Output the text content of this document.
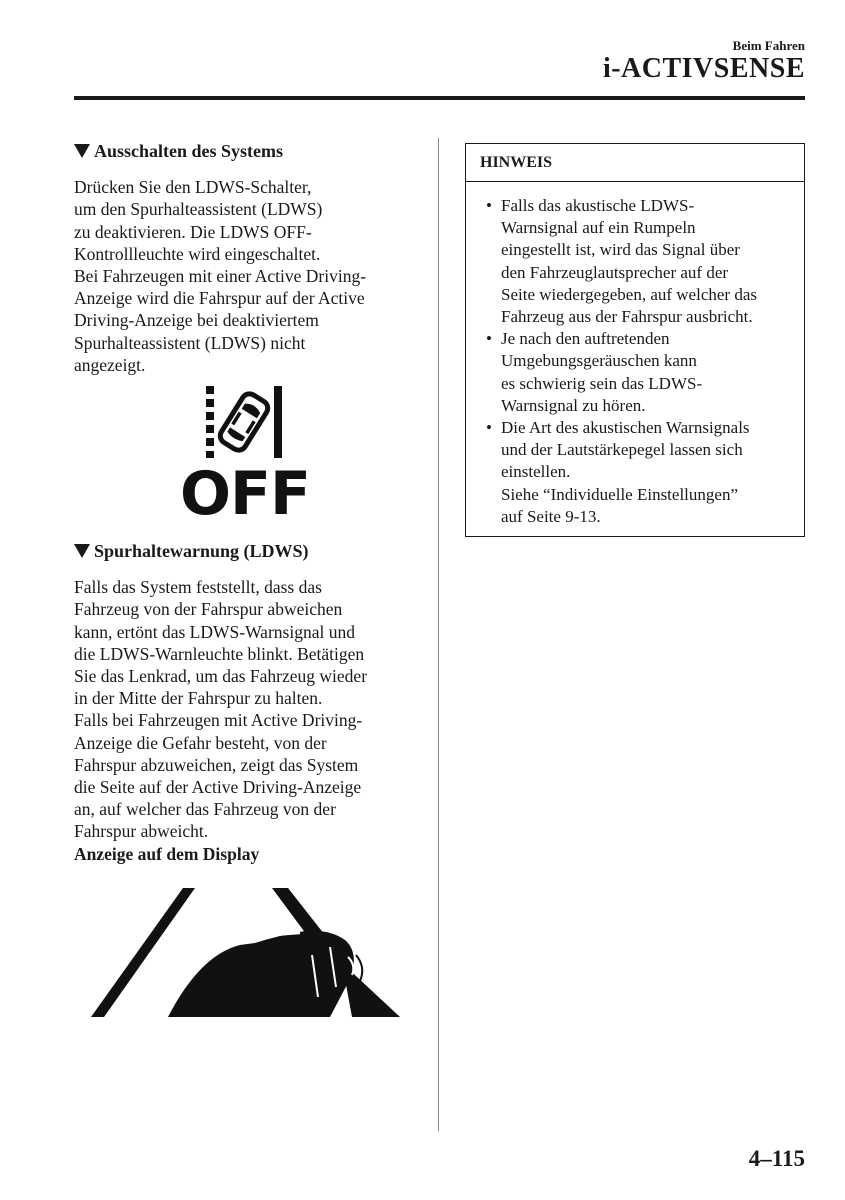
Beim Fahren
i-ACTIVSENSE
Ausschalten des Systems

Drücken Sie den LDWS-Schalter,

um den Spurhalteassistent (LDWS)

zu deaktivieren. Die LDWS OFF-

Kontrollleuchte wird eingeschaltet.

Bei Fahrzeugen mit einer Active Driving-

Anzeige wird die Fahrspur auf der Active

Driving-Anzeige bei deaktiviertem

Spurhalteassistent (LDWS) nicht

angezeigt.

Spurhaltewarnung (LDWS)

Falls das System feststellt, dass das

Fahrzeug von der Fahrspur abweichen

kann, ertönt das LDWS-Warnsignal und

die LDWS-Warnleuchte blinkt. Betätigen

Sie das Lenkrad, um das Fahrzeug wieder

in der Mitte der Fahrspur zu halten.

Falls bei Fahrzeugen mit Active Driving-

Anzeige die Gefahr besteht, von der

Fahrspur abzuweichen, zeigt das System

die Seite auf der Active Driving-Anzeige

an, auf welcher das Fahrzeug von der

Fahrspur abweicht.

Anzeige auf dem Display

OFF
HINWEIS
• Falls das akustische LDWS-
Warnsignal auf ein Rumpeln
eingestellt ist, wird das Signal über
den Fahrzeuglautsprecher auf der
Seite wiedergegeben, auf welcher das
Fahrzeug aus der Fahrspur ausbricht.
• Je nach den auftretenden
Umgebungsgeräuschen kann
es schwierig sein das LDWS-
Warnsignal zu hören.
• Die Art des akustischen Warnsignals
und der Lautstärkepegel lassen sich
einstellen.
Siehe “Individuelle Einstellungen”
auf Seite 9-13.
4–115
